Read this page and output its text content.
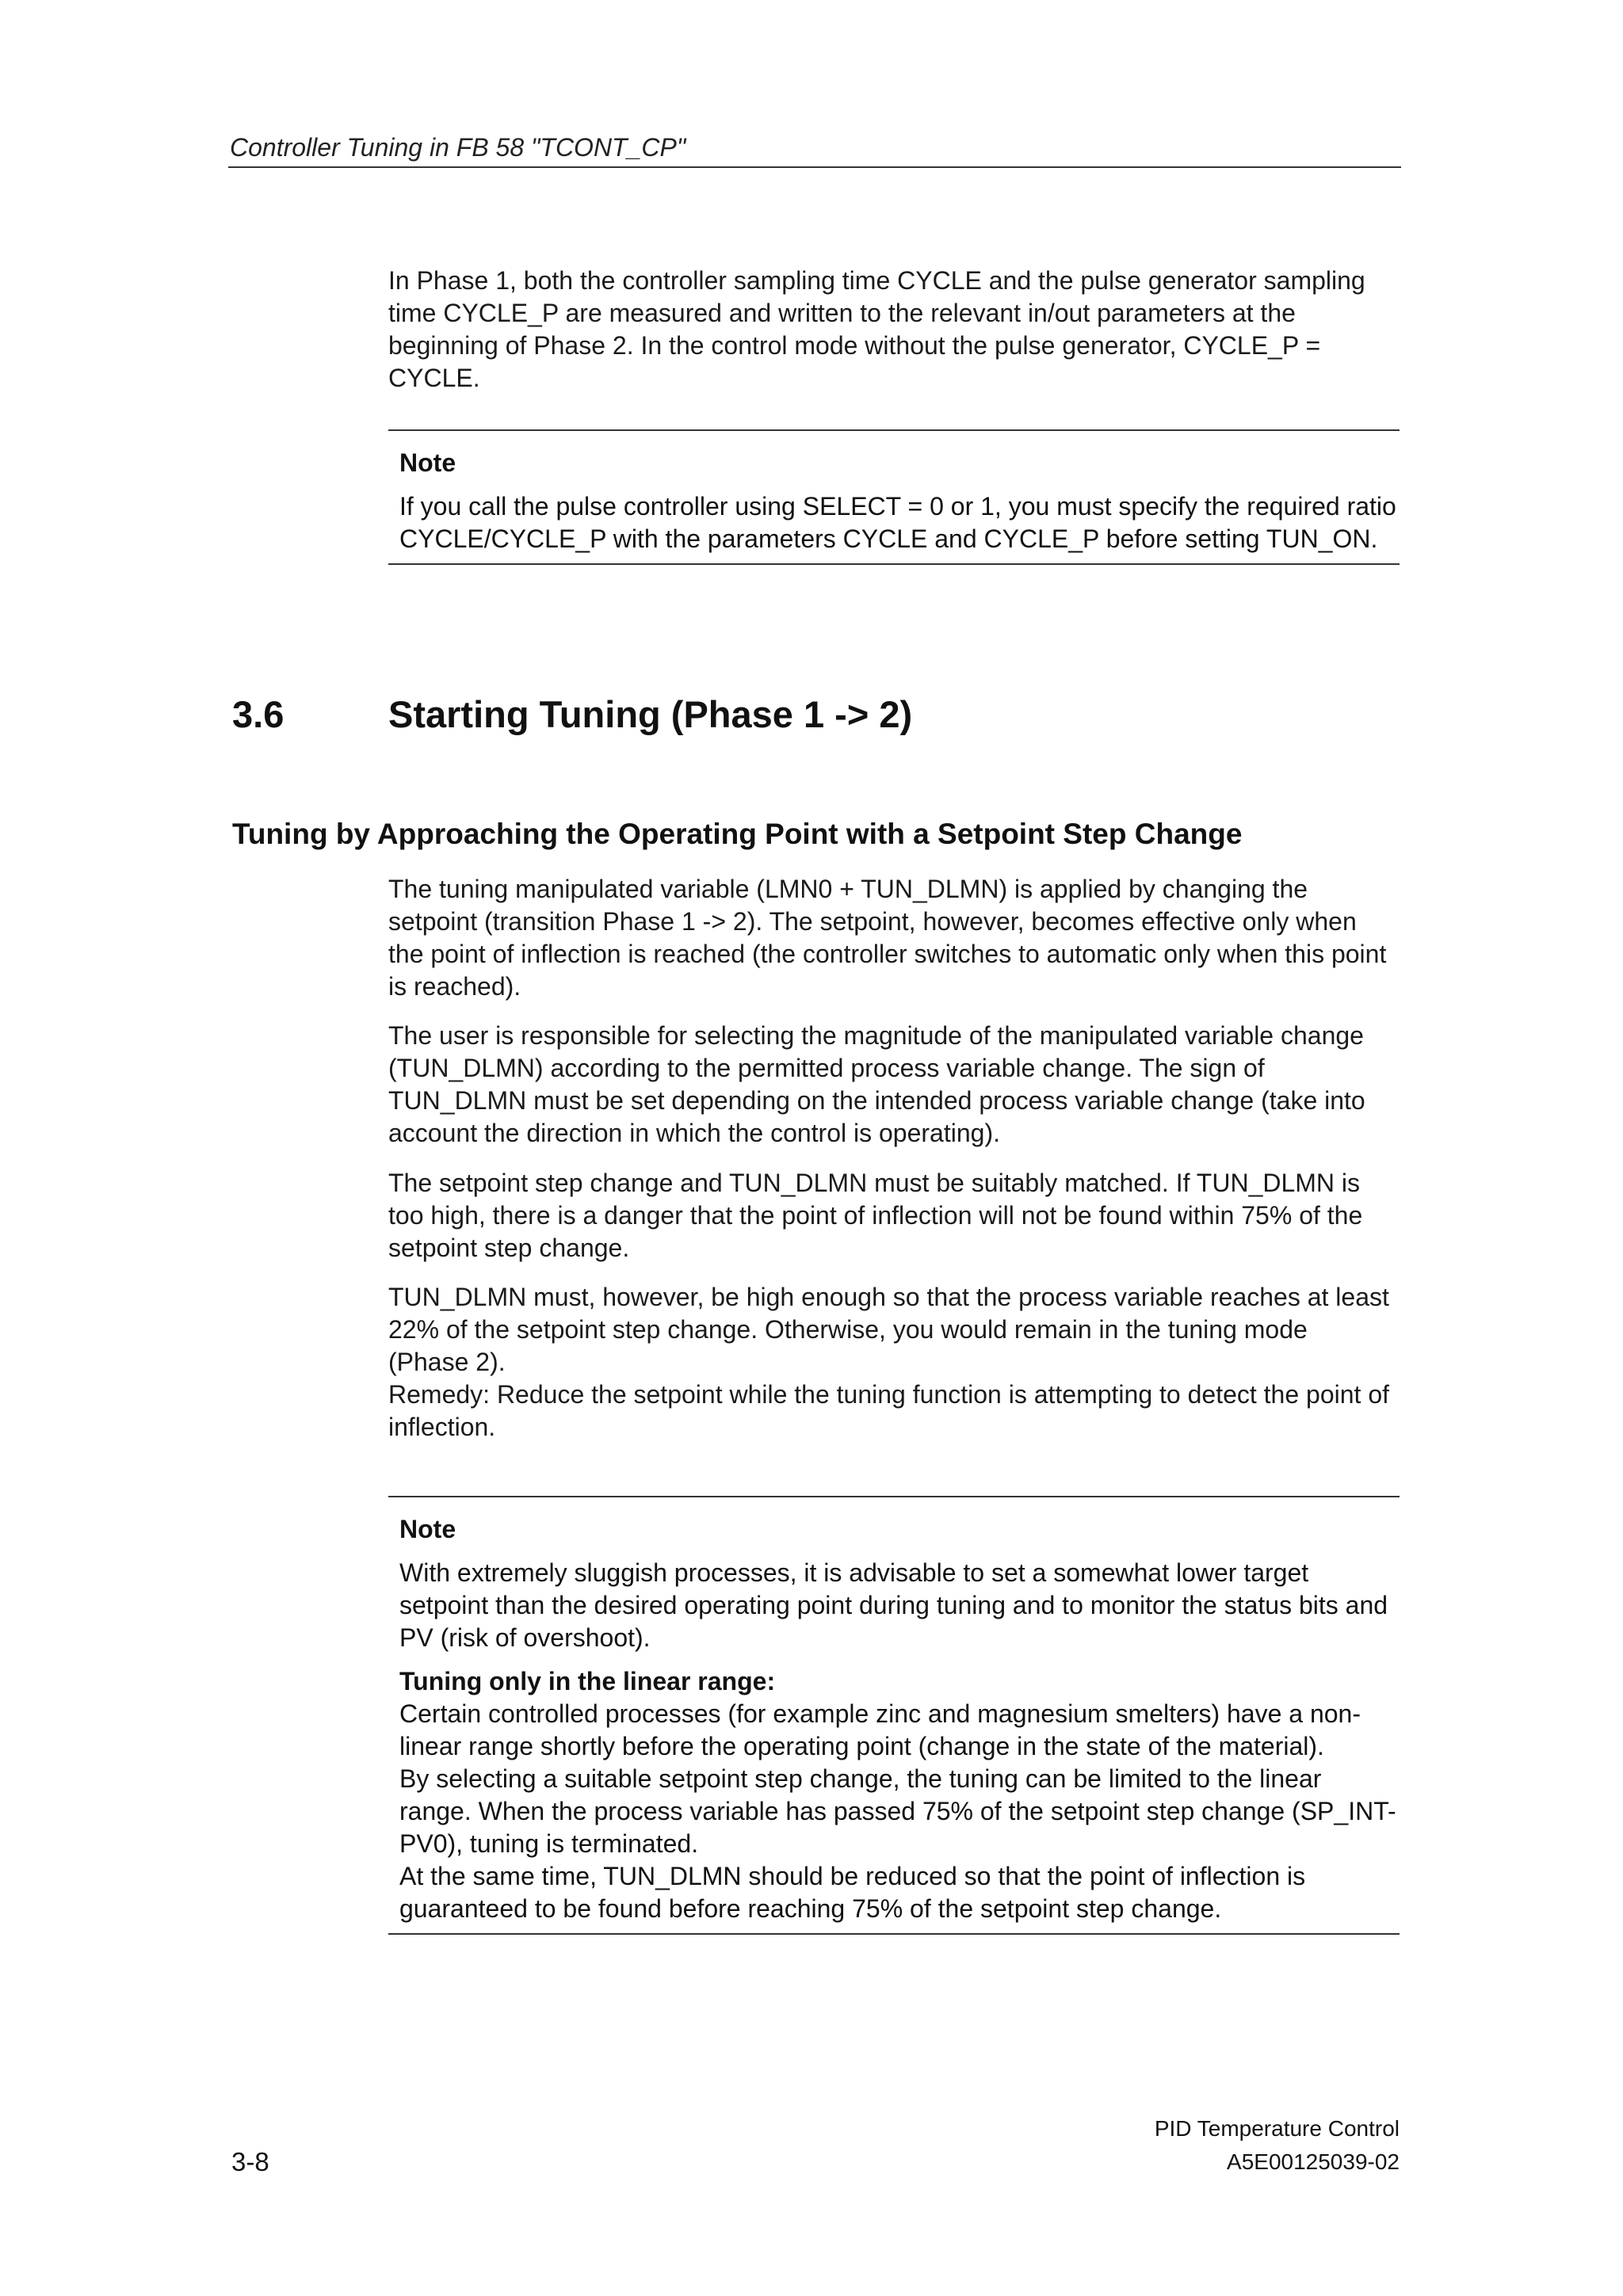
Controller Tuning in FB 58 "TCONT_CP"

In Phase 1, both the controller sampling time CYCLE and the pulse generator sampling time CYCLE_P are measured and written to the relevant in/out parameters at the beginning of Phase 2. In the control mode without the pulse generator, CYCLE_P = CYCLE.

Note

If you call the pulse controller using SELECT = 0 or 1, you must specify the required ratio CYCLE/CYCLE_P with the parameters CYCLE and CYCLE_P before setting TUN_ON.

3.6	Starting Tuning (Phase 1 -> 2)
Tuning by Approaching the Operating Point with a Setpoint Step Change
The tuning manipulated variable (LMN0 + TUN_DLMN) is applied by changing the setpoint (transition Phase 1 -> 2). The setpoint, however, becomes effective only when the point of inflection is reached (the controller switches to automatic only when this point is reached).
The user is responsible for selecting the magnitude of the manipulated variable change (TUN_DLMN) according to the permitted process variable change. The sign of TUN_DLMN must be set depending on the intended process variable change (take into account the direction in which the control is operating).
The setpoint step change and TUN_DLMN must be suitably matched. If TUN_DLMN is too high, there is a danger that the point of inflection will not be found within 75% of the setpoint step change.

TUN_DLMN must, however, be high enough so that the process variable reaches at least 22% of the setpoint step change. Otherwise, you would remain in the tuning mode (Phase 2).

Remedy: Reduce the setpoint while the tuning function is attempting to detect the point of inflection.

Note

With extremely sluggish processes, it is advisable to set a somewhat lower target setpoint than the desired operating point during tuning and to monitor the status bits and PV (risk of overshoot).

Tuning only in the linear range:

Certain controlled processes (for example zinc and magnesium smelters) have a non-linear range shortly before the operating point (change in the state of the material).

By selecting a suitable setpoint step change, the tuning can be limited to the linear range. When the process variable has passed 75% of the setpoint step change (SP_INT-PV0), tuning is terminated.

At the same time, TUN_DLMN should be reduced so that the point of inflection is guaranteed to be found before reaching 75% of the setpoint step change.

3-8
PID Temperature Control
A5E00125039-02
